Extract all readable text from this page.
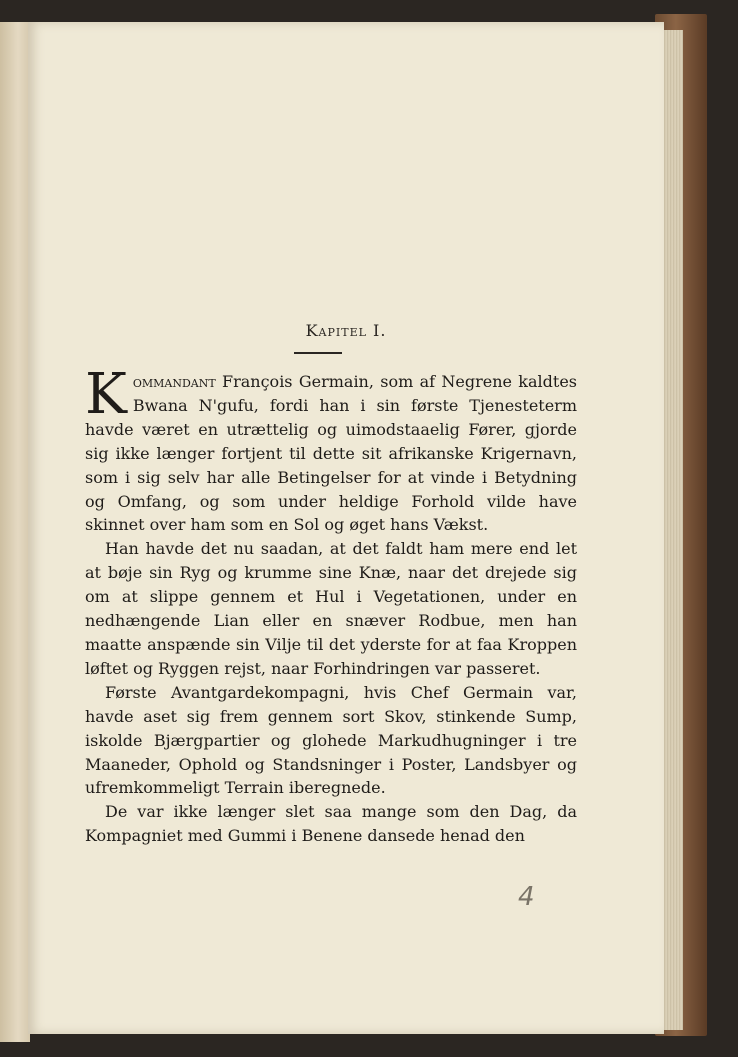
Kapitel I.

Kommandant François Germain, som af Negrene kaldtes Bwana N'gufu, fordi han i sin første Tjenesteterm havde været en utrættelig og uimodstaaelig Fører, gjorde sig ikke længer fortjent til dette sit afrikanske Krigernavn, som i sig selv har alle Betingelser for at vinde i Betydning og Omfang, og som under heldige Forhold vilde have skinnet over ham som en Sol og øget hans Vækst.

Han havde det nu saadan, at det faldt ham mere end let at bøje sin Ryg og krumme sine Knæ, naar det drejede sig om at slippe gennem et Hul i Vegetationen, under en nedhængende Lian eller en snæver Rodbue, men han maatte anspænde sin Vilje til det yderste for at faa Kroppen løftet og Ryggen rejst, naar Forhindringen var passeret.

Første Avantgardekompagni, hvis Chef Germain var, havde aset sig frem gennem sort Skov, stinkende Sump, iskolde Bjærgpartier og glohede Markudhugninger i tre Maaneder, Ophold og Standsninger i Poster, Landsbyer og ufremkommeligt Terrain iberegnede.

De var ikke længer slet saa mange som den Dag, da Kompagniet med Gummi i Benene dansede henad den

4
